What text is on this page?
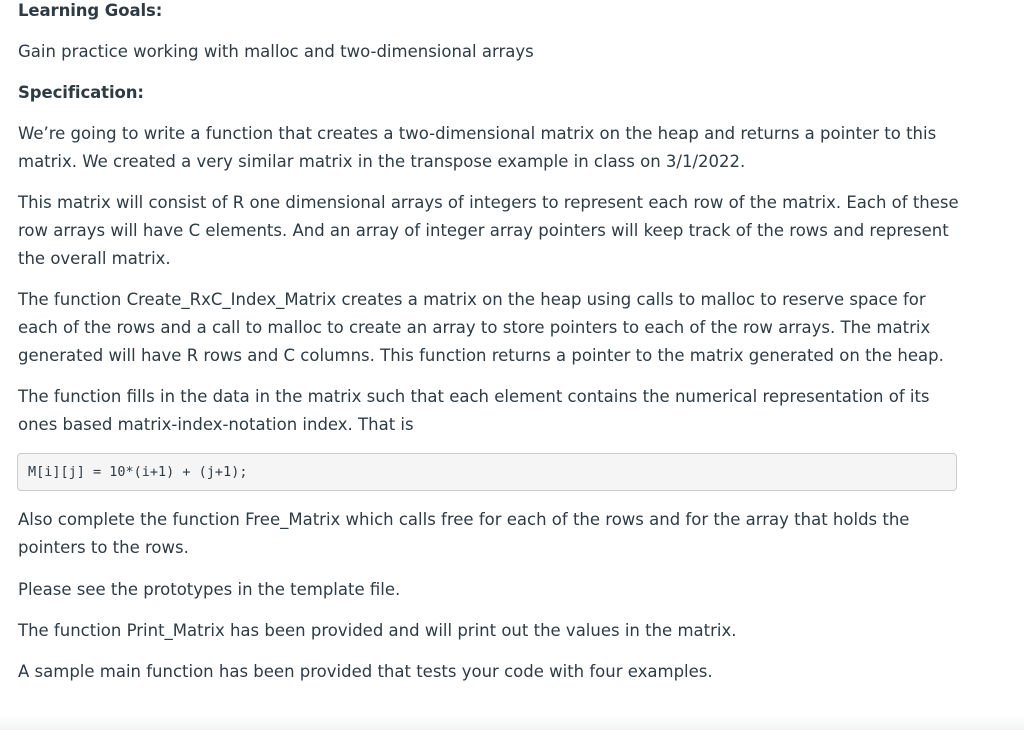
Learning Goals:

Gain practice working with malloc and two-dimensional arrays

Specification:

We’re going to write a function that creates a two-dimensional matrix on the heap and returns a pointer to this matrix. We created a very similar matrix in the transpose example in class on 3/1/2022.

This matrix will consist of R one dimensional arrays of integers to represent each row of the matrix. Each of these row arrays will have C elements. And an array of integer array pointers will keep track of the rows and represent the overall matrix.

The function Create_RxC_Index_Matrix creates a matrix on the heap using calls to malloc to reserve space for each of the rows and a call to malloc to create an array to store pointers to each of the row arrays. The matrix generated will have R rows and C columns. This function returns a pointer to the matrix generated on the heap.

The function fills in the data in the matrix such that each element contains the numerical representation of its ones based matrix-index-notation index. That is

M[i][j] = 10*(i+1) + (j+1);

Also complete the function Free_Matrix which calls free for each of the rows and for the array that holds the pointers to the rows.

Please see the prototypes in the template file.

The function Print_Matrix has been provided and will print out the values in the matrix.

A sample main function has been provided that tests your code with four examples.
